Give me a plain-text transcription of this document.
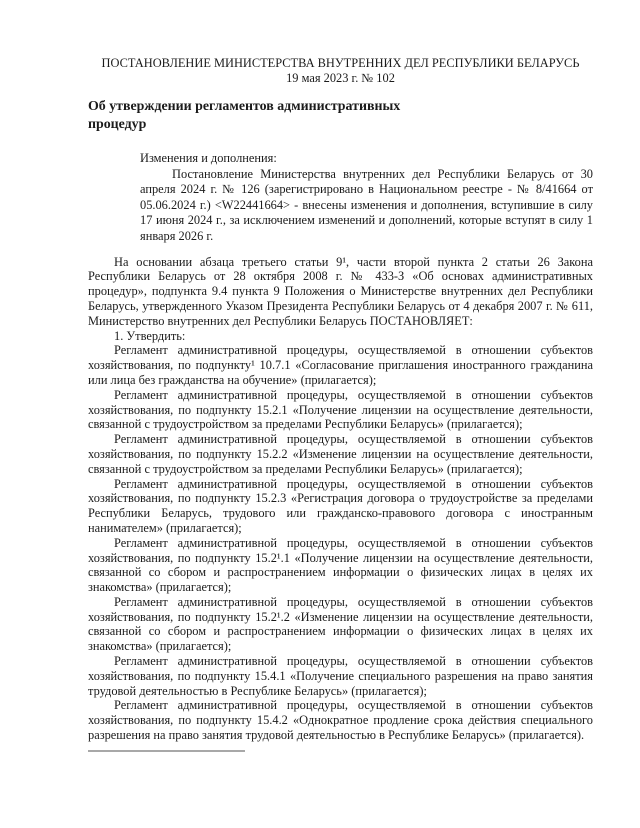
ПОСТАНОВЛЕНИЕ МИНИСТЕРСТВА ВНУТРЕННИХ ДЕЛ РЕСПУБЛИКИ БЕЛАРУСЬ
19 мая 2023 г. № 102
Об утверждении регламентов административных процедур
Изменения и дополнения:

Постановление Министерства внутренних дел Республики Беларусь от 30 апреля 2024 г. № 126 (зарегистрировано в Национальном реестре - № 8/41664 от 05.06.2024 г.) <W22441664> - внесены изменения и дополнения, вступившие в силу 17 июня 2024 г., за исключением изменений и дополнений, которые вступят в силу 1 января 2026 г.

На основании абзаца третьего статьи 9¹, части второй пункта 2 статьи 26 Закона Республики Беларусь от 28 октября 2008 г. № 433-З «Об основах административных процедур», подпункта 9.4 пункта 9 Положения о Министерстве внутренних дел Республики Беларусь, утвержденного Указом Президента Республики Беларусь от 4 декабря 2007 г. № 611, Министерство внутренних дел Республики Беларусь ПОСТАНОВЛЯЕТ:

1. Утвердить:

Регламент административной процедуры, осуществляемой в отношении субъектов хозяйствования, по подпункту¹ 10.7.1 «Согласование приглашения иностранного гражданина или лица без гражданства на обучение» (прилагается);

Регламент административной процедуры, осуществляемой в отношении субъектов хозяйствования, по подпункту 15.2.1 «Получение лицензии на осуществление деятельности, связанной с трудоустройством за пределами Республики Беларусь» (прилагается);

Регламент административной процедуры, осуществляемой в отношении субъектов хозяйствования, по подпункту 15.2.2 «Изменение лицензии на осуществление деятельности, связанной с трудоустройством за пределами Республики Беларусь» (прилагается);

Регламент административной процедуры, осуществляемой в отношении субъектов хозяйствования, по подпункту 15.2.3 «Регистрация договора о трудоустройстве за пределами Республики Беларусь, трудового или гражданско-правового договора с иностранным нанимателем» (прилагается);

Регламент административной процедуры, осуществляемой в отношении субъектов хозяйствования, по подпункту 15.2¹.1 «Получение лицензии на осуществление деятельности, связанной со сбором и распространением информации о физических лицах в целях их знакомства» (прилагается);

Регламент административной процедуры, осуществляемой в отношении субъектов хозяйствования, по подпункту 15.2¹.2 «Изменение лицензии на осуществление деятельности, связанной со сбором и распространением информации о физических лицах в целях их знакомства» (прилагается);

Регламент административной процедуры, осуществляемой в отношении субъектов хозяйствования, по подпункту 15.4.1 «Получение специального разрешения на право занятия трудовой деятельностью в Республике Беларусь» (прилагается);

Регламент административной процедуры, осуществляемой в отношении субъектов хозяйствования, по подпункту 15.4.2 «Однократное продление срока действия специального разрешения на право занятия трудовой деятельностью в Республике Беларусь» (прилагается).
